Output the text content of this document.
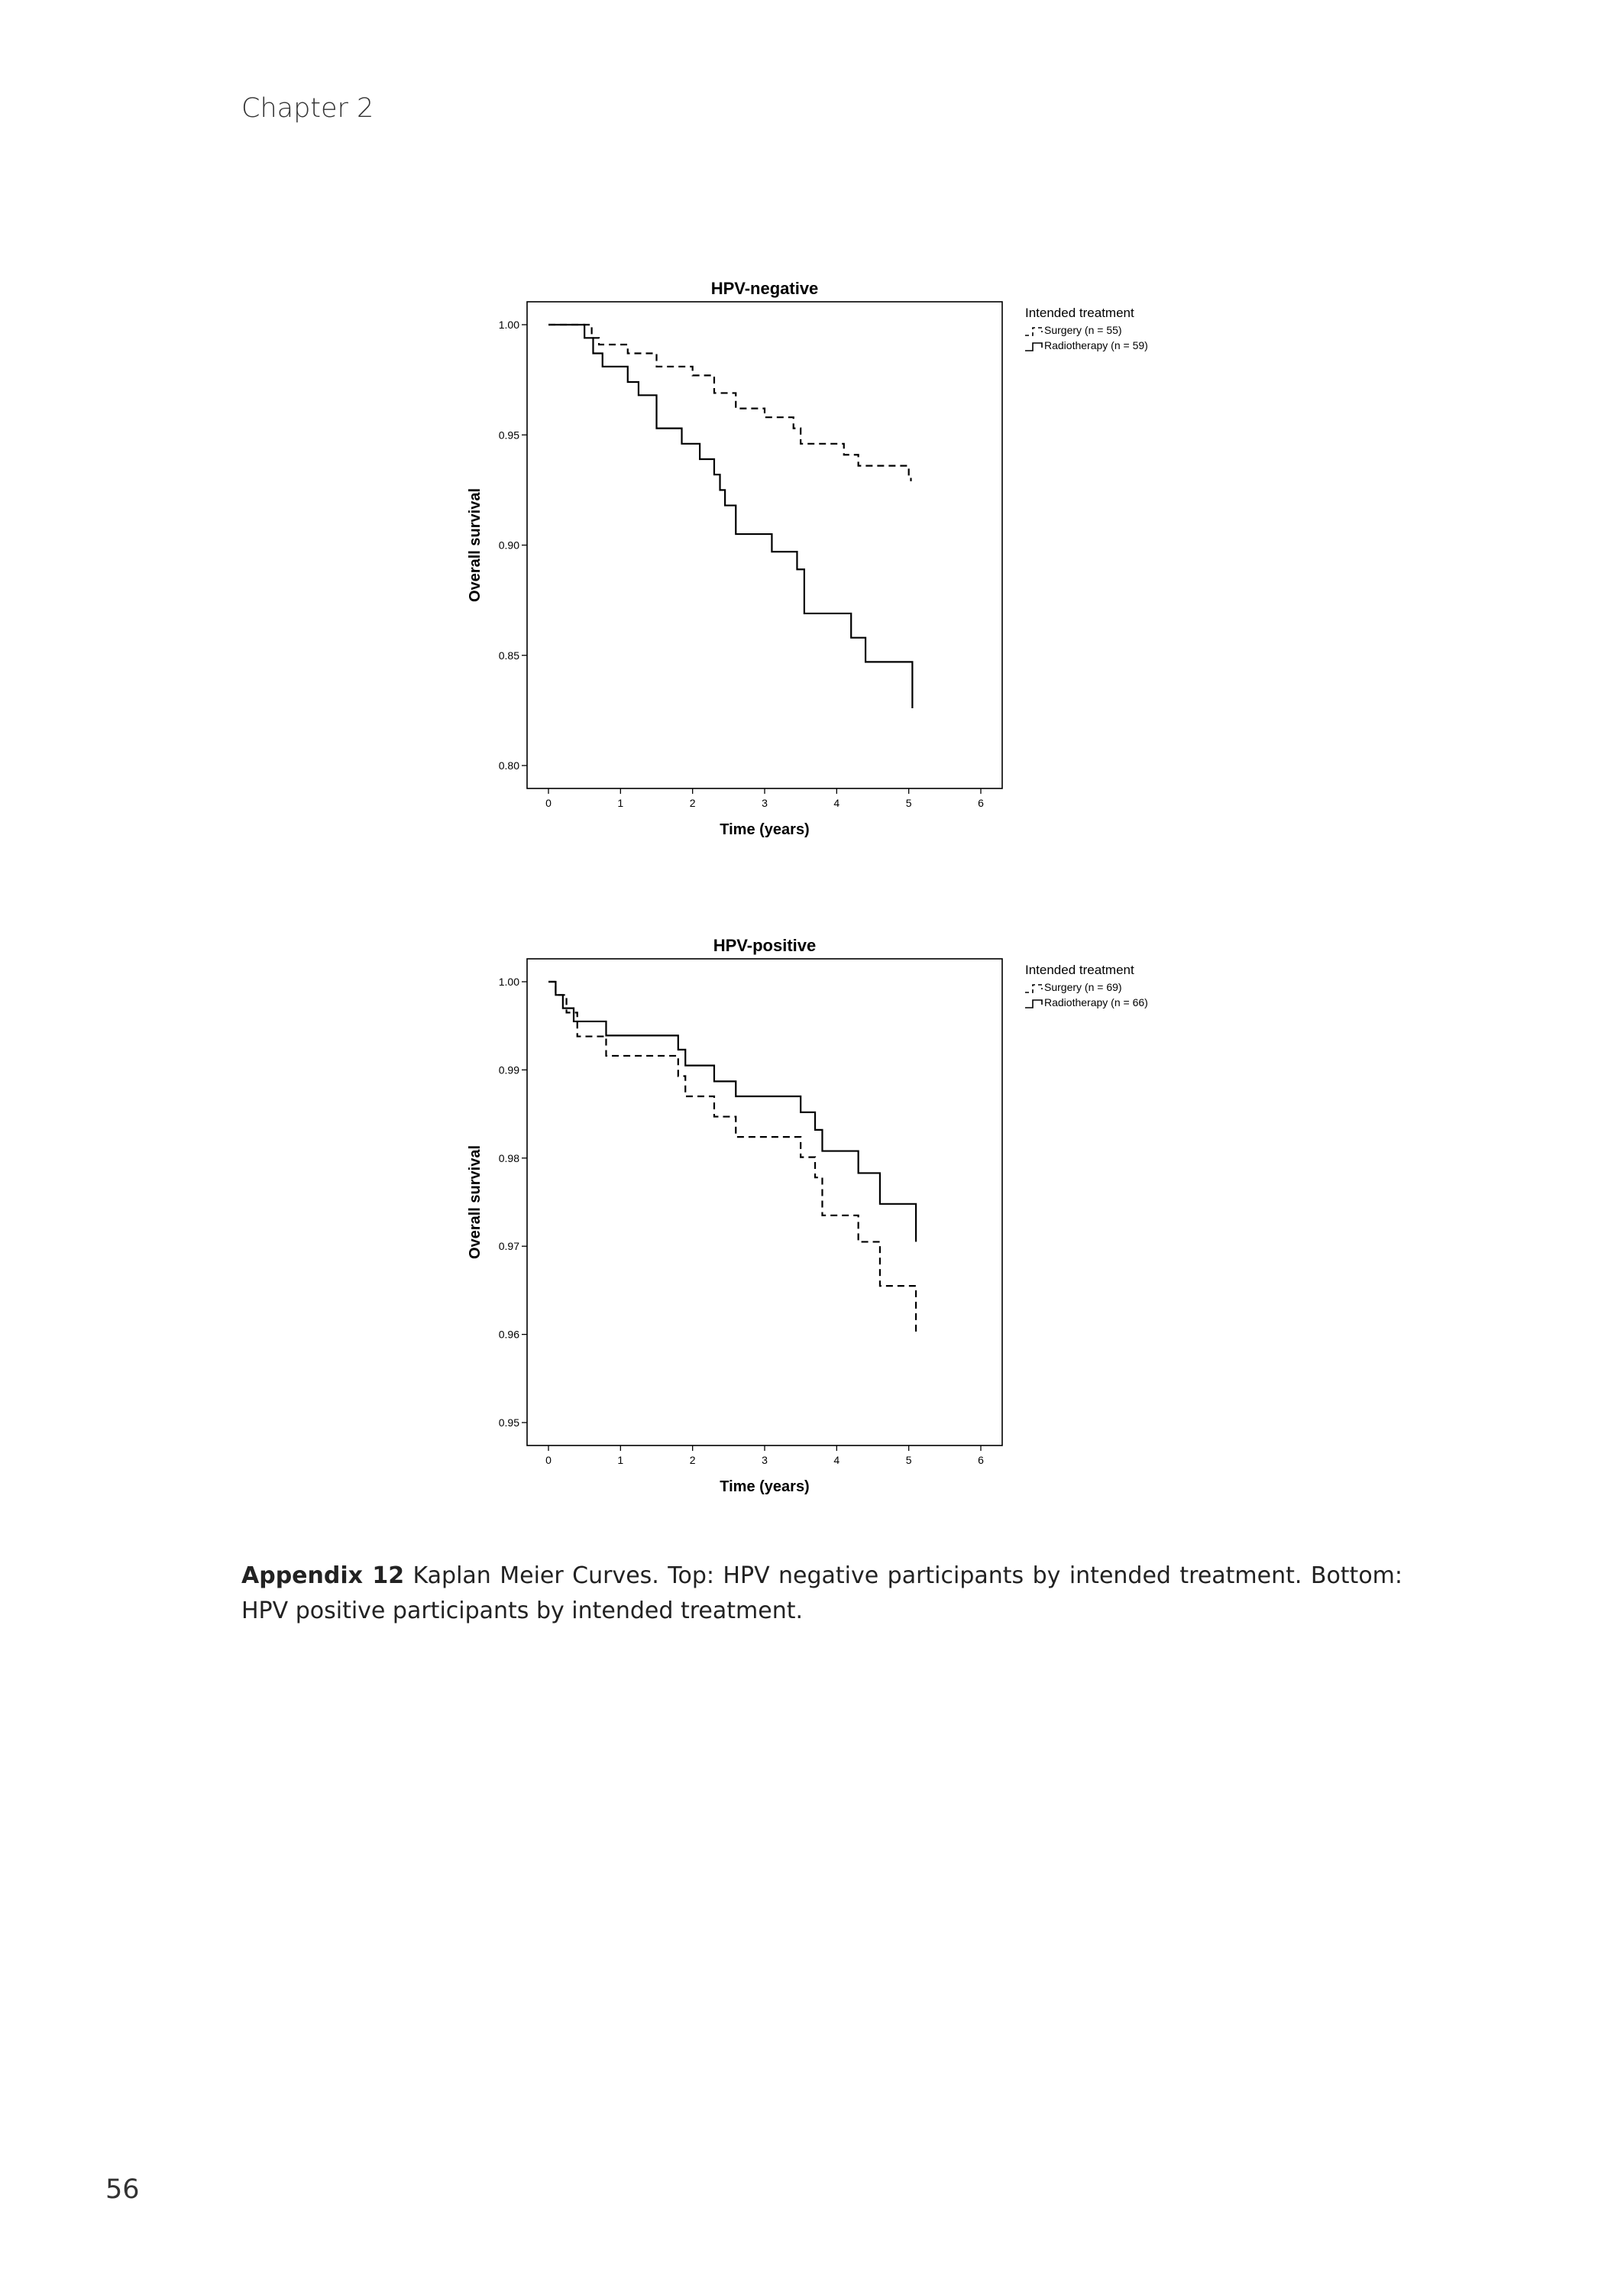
Chapter 2
HPV-negative
0.80
0.85
0.90
0.95
1.00
0	1	2	3	4	5	6
Time (years)
Overall survival
Intended treatment
Surgery (n = 55)
Radiotherapy (n = 59)
HPV-positive
0.95
0.96
0.97
0.98
0.99
1.00
0	1	2	3	4	5	6
Time (years)
Overall survival
Intended treatment
Surgery (n = 69)
Radiotherapy (n = 66)
Appendix 12 Kaplan Meier Curves. Top: HPV negative participants by intended treatment. Bottom: HPV positive participants by intended treatment.
56
